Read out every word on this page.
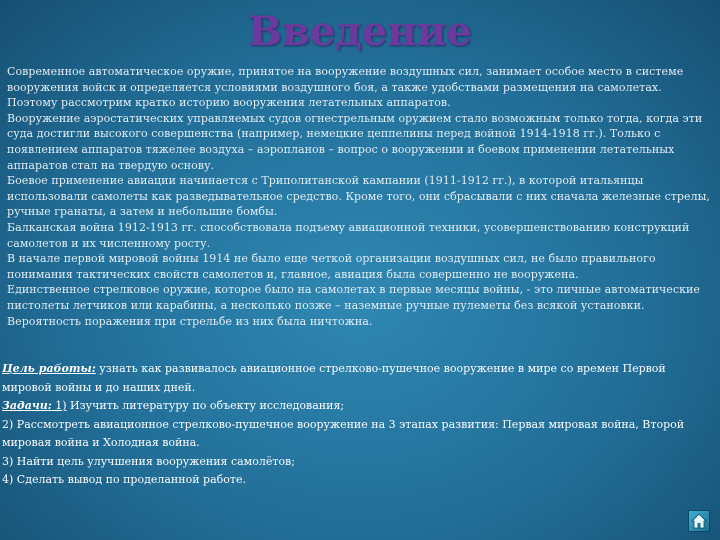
Введение

Современное автоматическое оружие, принятое на вооружение воздушных сил, занимает особое место в системе вооружения войск и определяется условиями воздушного боя, а также удобствами размещения на самолетах. Поэтому рассмотрим кратко историю вооружения летательных аппаратов.

Вооружение аэростатических управляемых судов огнестрельным оружием стало возможным только тогда, когда эти суда достигли высокого совершенства (например, немецкие цеппелины перед войной 1914-1918 гг.). Только с появлением аппаратов тяжелее воздуха – аэропланов – вопрос о вооружении и боевом применении летательных аппаратов стал на твердую основу.

Боевое применение авиации начинается с Триполитанской кампании (1911-1912 гг.), в которой итальянцы использовали самолеты как разведывательное средство. Кроме того, они сбрасывали с них сначала железные стрелы, ручные гранаты, а затем и небольшие бомбы.

Балканская война 1912-1913 гг. способствовала подъему авиационной техники, усовершенствованию конструкций самолетов и их численному росту.

В начале первой мировой войны 1914 не было еще четкой организации воздушных сил, не было правильного понимания тактических свойств самолетов и, главное, авиация была совершенно не вооружена.

Единственное стрелковое оружие, которое было на самолетах в первые месяцы войны, - это личные автоматические пистолеты летчиков или карабины, а несколько позже – наземные ручные пулеметы без всякой установки. Вероятность поражения при стрельбе из них была ничтожна.

Цель работы: узнать как развивалось авиационное стрелково-пушечное вооружение в мире со времен Первой мировой войны и до наших дней.

Задачи: 1) Изучить литературу по объекту исследования;

2) Рассмотреть авиационное стрелково-пушечное вооружение на 3 этапах развития: Первая мировая война, Второй мировая война и Холодная война.

3) Найти цель улучшения вооружения самолётов;

4) Сделать вывод по проделанной работе.
